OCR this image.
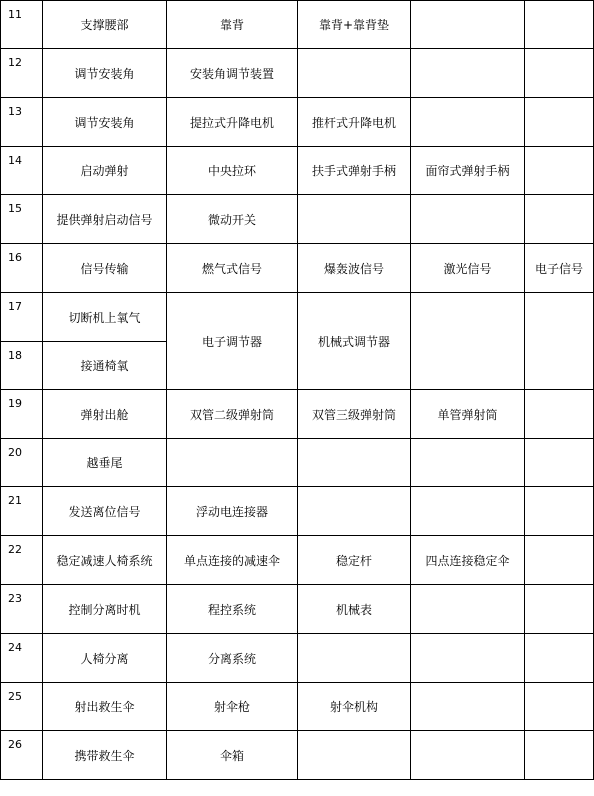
11	支撑腰部	靠背	靠背+靠背垫		
12	调节安装角	安装角调节装置			
13	调节安装角	提拉式升降电机	推杆式升降电机		
14	启动弹射	中央拉环	扶手式弹射手柄	面帘式弹射手柄	
15	提供弹射启动信号	微动开关			
16	信号传输	燃气式信号	爆轰波信号	激光信号	电子信号
17	切断机上氧气	电子调节器	机械式调节器		
18	接通椅氧				
19	弹射出舱	双管二级弹射筒	双管三级弹射筒	单管弹射筒	
20	越垂尾				
21	发送离位信号	浮动电连接器			
22	稳定减速人椅系统	单点连接的减速伞	稳定杆	四点连接稳定伞	
23	控制分离时机	程控系统	机械表		
24	人椅分离	分离系统			
25	射出救生伞	射伞枪	射伞机构		
26	携带救生伞	伞箱			
